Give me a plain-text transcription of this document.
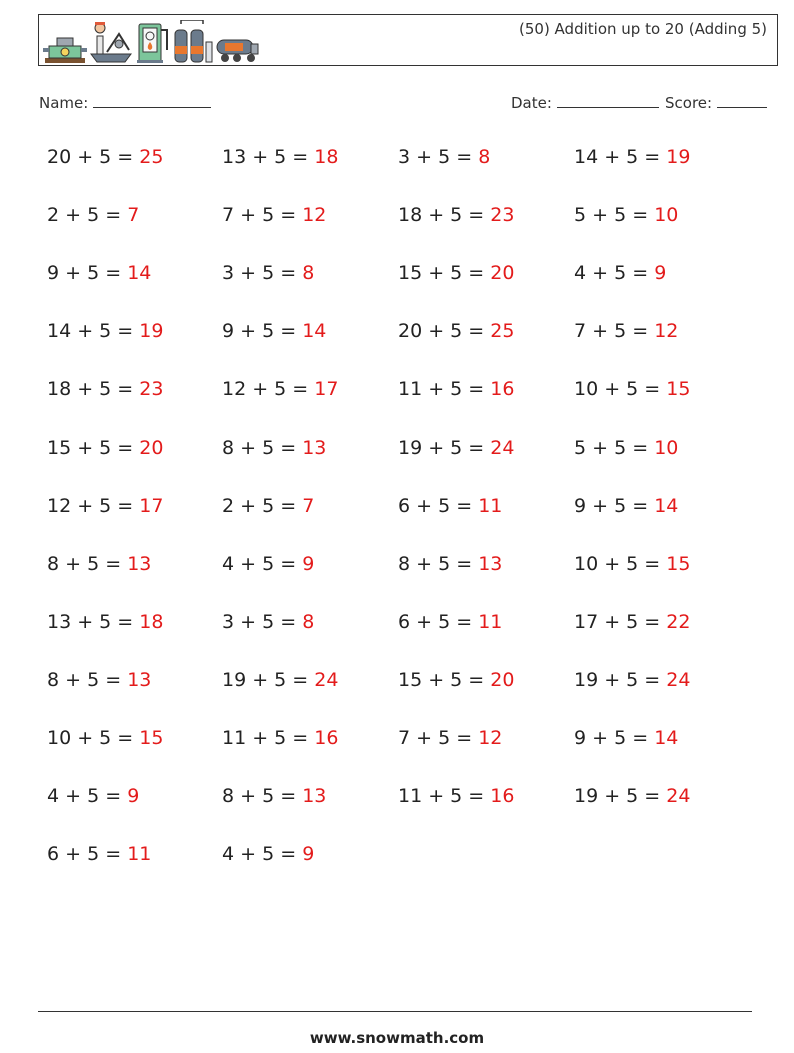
(50) Addition up to 20 (Adding 5)
Name:	Date:	Score:
20 + 5 = 25
2 + 5 = 7
9 + 5 = 14
14 + 5 = 19
18 + 5 = 23
15 + 5 = 20
12 + 5 = 17
8 + 5 = 13
13 + 5 = 18
8 + 5 = 13
10 + 5 = 15
4 + 5 = 9
6 + 5 = 11
13 + 5 = 18
7 + 5 = 12
3 + 5 = 8
9 + 5 = 14
12 + 5 = 17
8 + 5 = 13
2 + 5 = 7
4 + 5 = 9
3 + 5 = 8
19 + 5 = 24
11 + 5 = 16
8 + 5 = 13
4 + 5 = 9
3 + 5 = 8
18 + 5 = 23
15 + 5 = 20
20 + 5 = 25
11 + 5 = 16
19 + 5 = 24
6 + 5 = 11
8 + 5 = 13
6 + 5 = 11
15 + 5 = 20
7 + 5 = 12
11 + 5 = 16
14 + 5 = 19
5 + 5 = 10
4 + 5 = 9
7 + 5 = 12
10 + 5 = 15
5 + 5 = 10
9 + 5 = 14
10 + 5 = 15
17 + 5 = 22
19 + 5 = 24
9 + 5 = 14
19 + 5 = 24
www.snowmath.com
